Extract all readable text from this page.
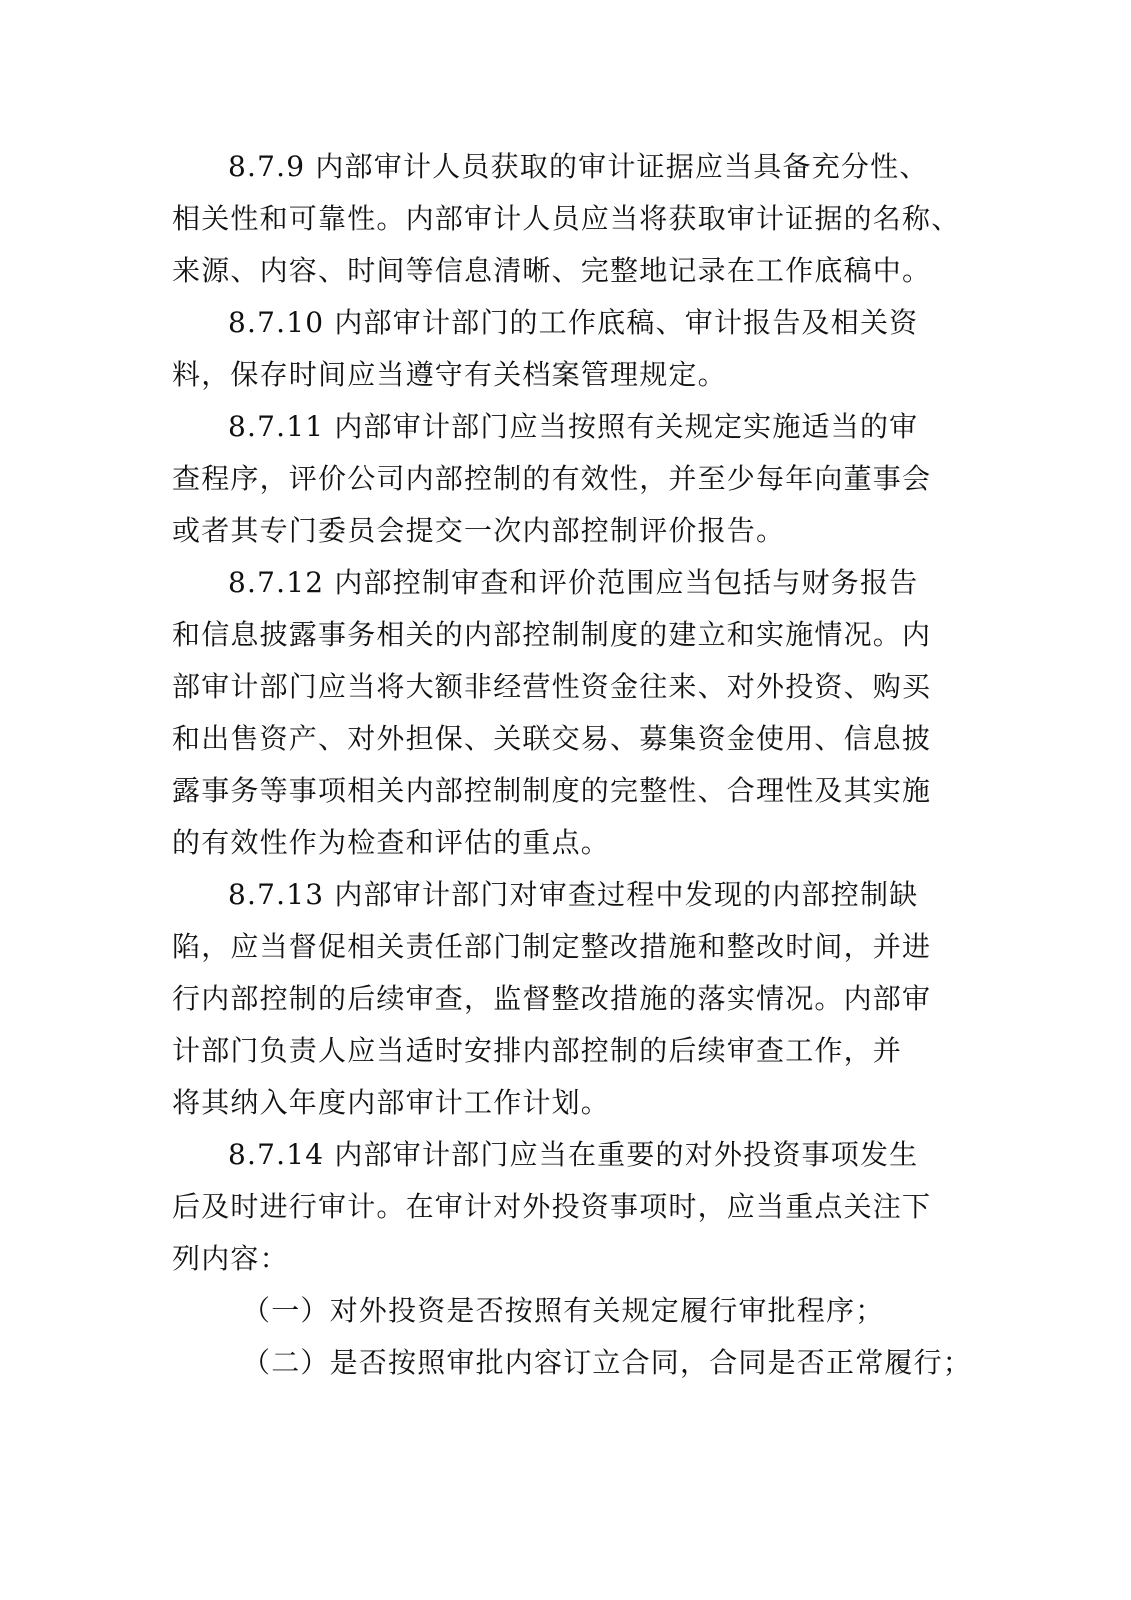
8.7.9 内部审计人员获取的审计证据应当具备充分性、
相关性和可靠性。内部审计人员应当将获取审计证据的名称、
来源、内容、时间等信息清晰、完整地记录在工作底稿中。
8.7.10 内部审计部门的工作底稿、审计报告及相关资
料，保存时间应当遵守有关档案管理规定。
8.7.11 内部审计部门应当按照有关规定实施适当的审
查程序，评价公司内部控制的有效性，并至少每年向董事会
或者其专门委员会提交一次内部控制评价报告。
8.7.12 内部控制审查和评价范围应当包括与财务报告
和信息披露事务相关的内部控制制度的建立和实施情况。内
部审计部门应当将大额非经营性资金往来、对外投资、购买
和出售资产、对外担保、关联交易、募集资金使用、信息披
露事务等事项相关内部控制制度的完整性、合理性及其实施
的有效性作为检查和评估的重点。
8.7.13 内部审计部门对审查过程中发现的内部控制缺
陷，应当督促相关责任部门制定整改措施和整改时间，并进
行内部控制的后续审查，监督整改措施的落实情况。内部审
计部门负责人应当适时安排内部控制的后续审查工作，并
将其纳入年度内部审计工作计划。
8.7.14 内部审计部门应当在重要的对外投资事项发生
后及时进行审计。在审计对外投资事项时，应当重点关注下
列内容：
（一）对外投资是否按照有关规定履行审批程序；
（二）是否按照审批内容订立合同，合同是否正常履行；
